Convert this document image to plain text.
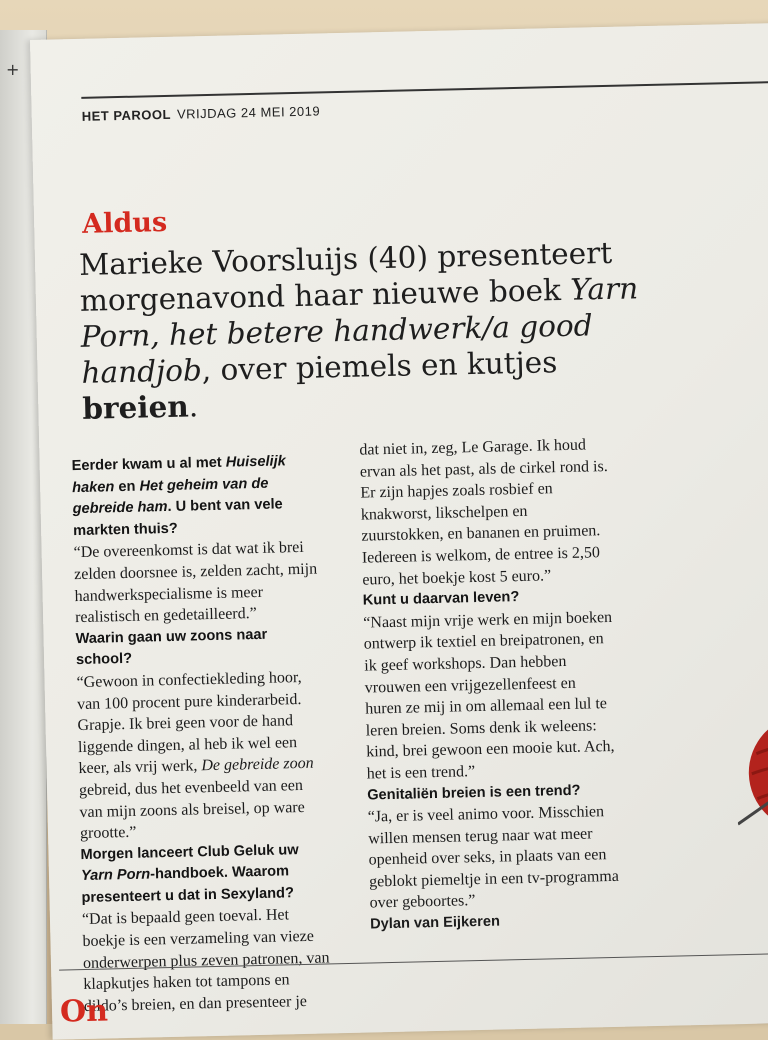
+
HET PAROOL VRIJDAG 24 MEI 2019
Aldus
Marieke Voorsluijs (40) presenteert morgenavond haar nieuwe boek Yarn Porn, het betere handwerk/a good handjob, over piemels en kutjes breien.
Eerder kwam u al met Huiselijk haken en Het geheim van de gebreide ham. U bent van vele markten thuis?

“De overeenkomst is dat wat ik brei zelden doorsnee is, zelden zacht, mijn handwerkspecialisme is meer realistisch en gedetailleerd.”

Waarin gaan uw zoons naar school?

“Gewoon in confectiekleding hoor, van 100 procent pure kinderarbeid. Grapje. Ik brei geen voor de hand liggende dingen, al heb ik wel een keer, als vrij werk, De gebreide zoon gebreid, dus het evenbeeld van een van mijn zoons als breisel, op ware grootte.”

Morgen lanceert Club Geluk uw Yarn Porn-handboek. Waarom presenteert u dat in Sexyland?

“Dat is bepaald geen toeval. Het boekje is een verzameling van vieze onderwerpen plus zeven patronen, van klapkutjes haken tot tampons en dildo’s breien, en dan presenteer je

dat niet in, zeg, Le Garage. Ik houd ervan als het past, als de cirkel rond is. Er zijn hapjes zoals rosbief en knakworst, likschelpen en zuurstokken, en bananen en pruimen. Iedereen is welkom, de entree is 2,50 euro, het boekje kost 5 euro.”

Kunt u daarvan leven?

“Naast mijn vrije werk en mijn boeken ontwerp ik textiel en breipatronen, en ik geef workshops. Dan hebben vrouwen een vrijgezellenfeest en huren ze mij in om allemaal een lul te leren breien. Soms denk ik weleens: kind, brei gewoon een mooie kut. Ach, het is een trend.”

Genitaliën breien is een trend?

“Ja, er is veel animo voor. Misschien willen mensen terug naar wat meer openheid over seks, in plaats van een geblokt piemeltje in een tv-programma over geboortes.”

Dylan van Eijkeren
On
